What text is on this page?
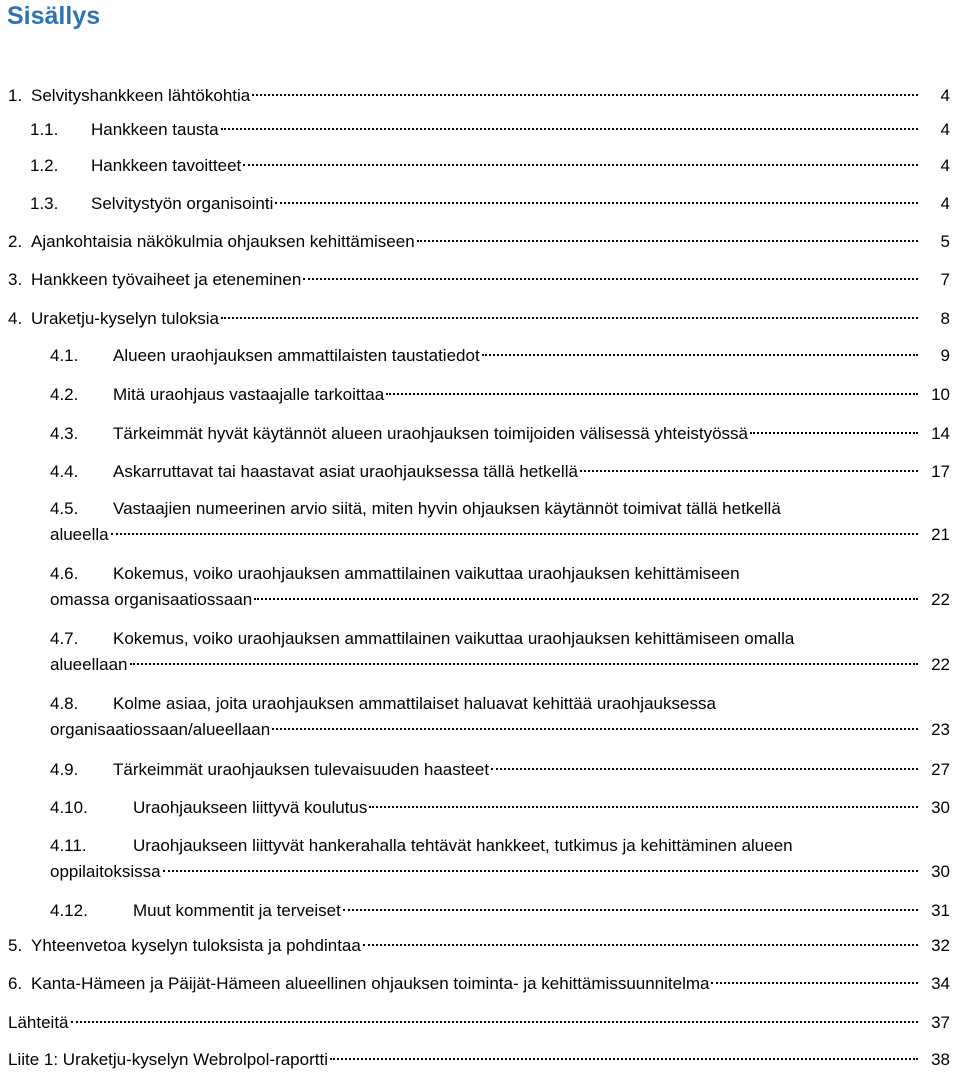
Sisällys
1. Selvityshankkeen lähtökohtia	4
1.1.	Hankkeen tausta	4
1.2.	Hankkeen tavoitteet	4
1.3.	Selvitystyön organisointi	4
2. Ajankohtaisia näkökulmia ohjauksen kehittämiseen	5
3. Hankkeen työvaiheet ja eteneminen	7
4. Uraketju-kyselyn tuloksia	8
4.1.	Alueen uraohjauksen ammattilaisten taustatiedot	9
4.2.	Mitä uraohjaus vastaajalle tarkoittaa	10
4.3.	Tärkeimmät hyvät käytännöt alueen uraohjauksen toimijoiden välisessä yhteistyössä	14
4.4.	Askarruttavat tai haastavat asiat uraohjauksessa tällä hetkellä	17
4.5.	Vastaajien numeerinen arvio siitä, miten hyvin ohjauksen käytännöt toimivat tällä hetkellä
alueella	21
4.6.	Kokemus, voiko uraohjauksen ammattilainen vaikuttaa uraohjauksen kehittämiseen
omassa organisaatiossaan	22
4.7.	Kokemus, voiko uraohjauksen ammattilainen vaikuttaa uraohjauksen kehittämiseen omalla
alueellaan	22
4.8.	Kolme asiaa, joita uraohjauksen ammattilaiset haluavat kehittää uraohjauksessa
organisaatiossaan/alueellaan	23
4.9.	Tärkeimmät uraohjauksen tulevaisuuden haasteet	27
4.10.	Uraohjaukseen liittyvä koulutus	30
4.11.	Uraohjaukseen liittyvät hankerahalla tehtävät hankkeet, tutkimus ja kehittäminen alueen
oppilaitoksissa	30
4.12.	Muut kommentit ja terveiset	31
5. Yhteenvetoa kyselyn tuloksista ja pohdintaa	32
6. Kanta-Hämeen ja Päijät-Hämeen alueellinen ohjauksen toiminta- ja kehittämissuunnitelma	34
Lähteitä	37
Liite 1: Uraketju-kyselyn Webrolpol-raportti	38
